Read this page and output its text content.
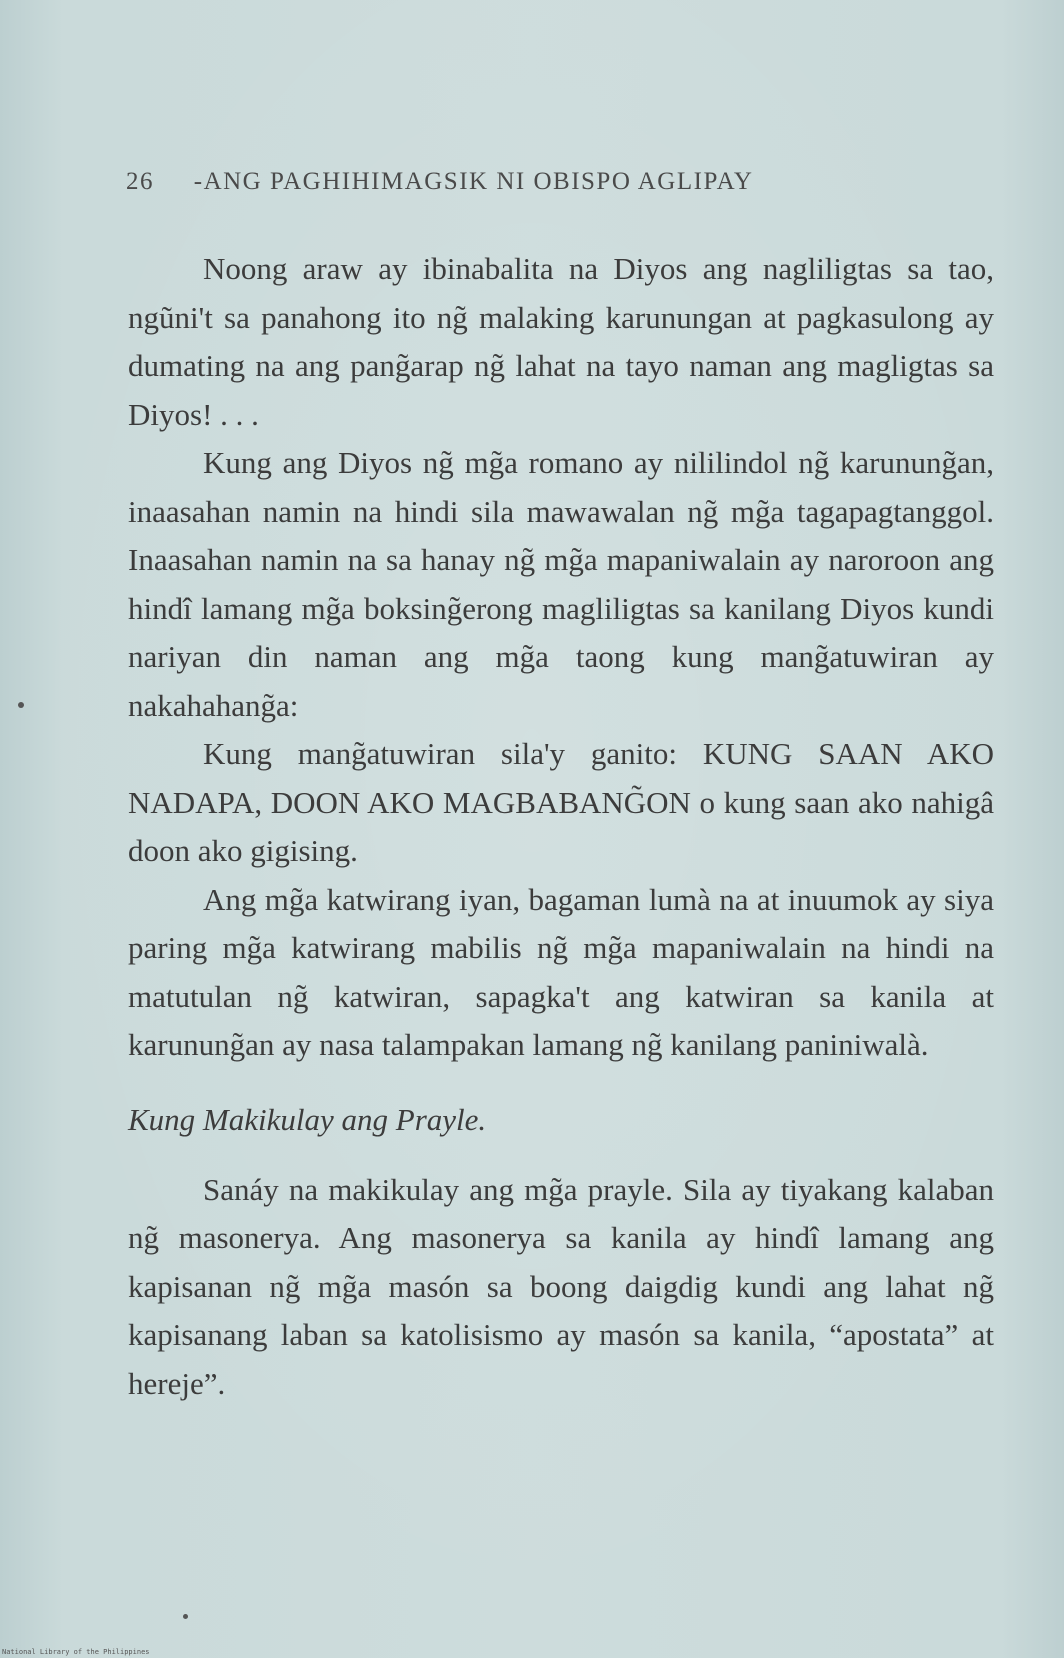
26 -ANG PAGHIHIMAGSIK NI OBISPO AGLIPAY

Noong araw ay ibinabalita na Diyos ang nagliligtas sa tao, ngũni't sa panahong ito ng̃ malaking karunungan at pagkasulong ay dumating na ang pang̃arap ng̃ lahat na tayo naman ang magligtas sa Diyos! . . .

Kung ang Diyos ng̃ mg̃a romano ay nililindol ng̃ karunung̃an, inaasahan namin na hindi sila mawawalan ng̃ mg̃a tagapagtanggol. Inaasahan namin na sa hanay ng̃ mg̃a mapaniwalain ay naroroon ang hindî lamang mg̃a boksing̃erong magliligtas sa kanilang Diyos kundi nariyan din naman ang mg̃a taong kung mang̃atuwiran ay nakahahang̃a:

Kung mang̃atuwiran sila'y ganito: KUNG SAAN AKO NADAPA, DOON AKO MAGBABANG̃ON o kung saan ako nahigâ doon ako gigising.

Ang mg̃a katwirang iyan, bagaman lumà na at inuumok ay siya paring mg̃a katwirang mabilis ng̃ mg̃a mapaniwalain na hindi na matutulan ng̃ katwiran, sapagka't ang katwiran sa kanila at karunung̃an ay nasa talampakan lamang ng̃ kanilang paniniwalà.

Kung Makikulay ang Prayle.

Sanáy na makikulay ang mg̃a prayle. Sila ay tiyakang kalaban ng̃ masonerya. Ang masonerya sa kanila ay hindî lamang ang kapisanan ng̃ mg̃a masón sa boong daigdig kundi ang lahat ng̃ kapisanang laban sa katolisismo ay masón sa kanila, “apostata” at hereje”.

National Library of the Philippines
